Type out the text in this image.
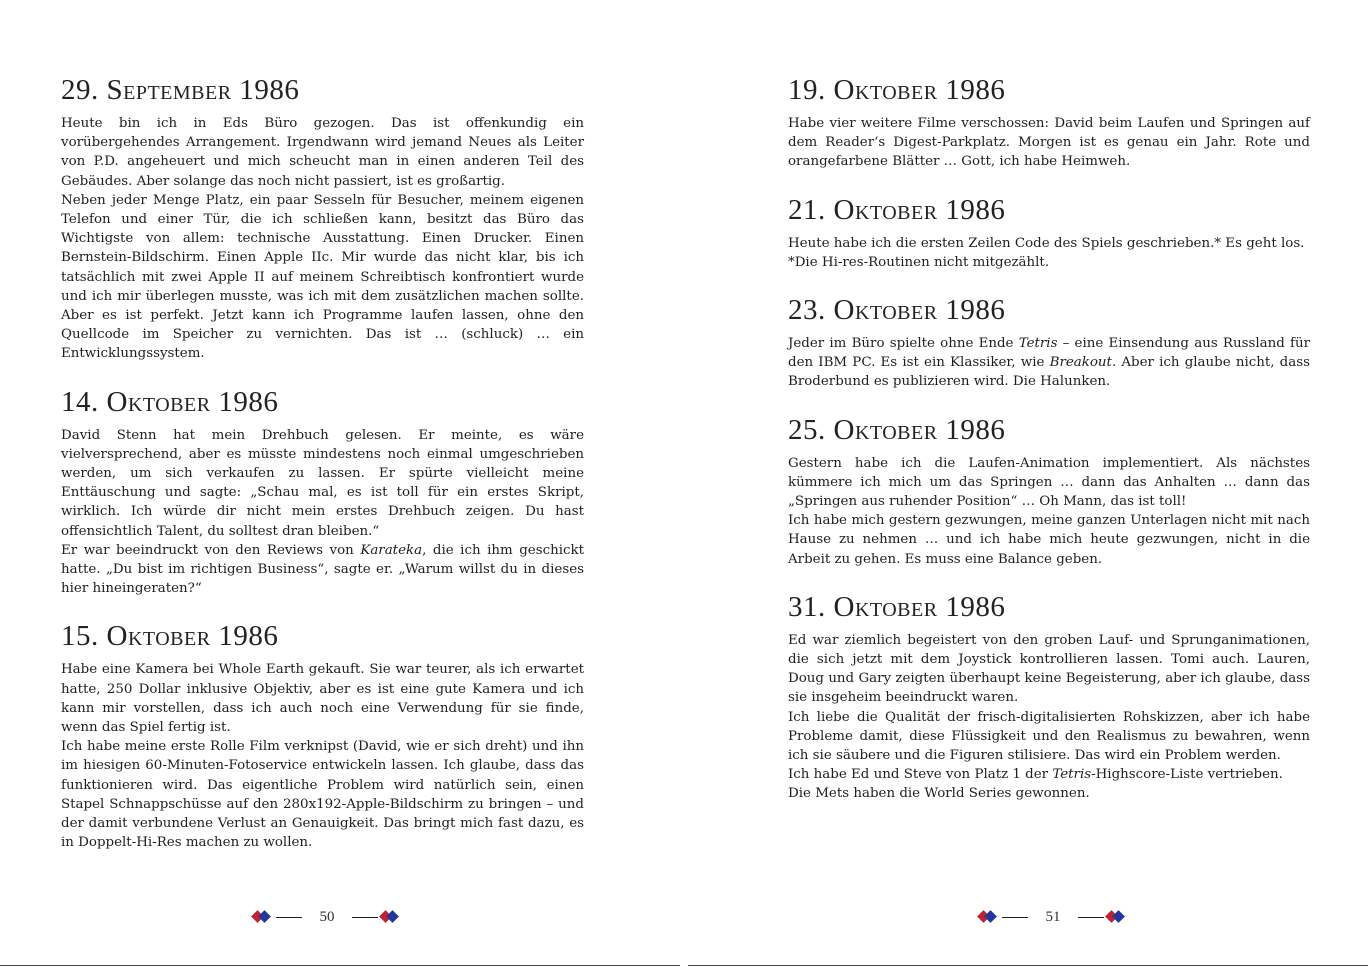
29. September 1986

Heute bin ich in Eds Büro gezogen. Das ist offenkundig ein vorübergehendes Arrangement. Irgendwann wird jemand Neues als Leiter von P.D. angeheuert und mich scheucht man in einen anderen Teil des Gebäudes. Aber solange das noch nicht passiert, ist es großartig.

Neben jeder Menge Platz, ein paar Sesseln für Besucher, meinem eigenen Telefon und einer Tür, die ich schließen kann, besitzt das Büro das Wichtigste von allem: technische Ausstattung. Einen Drucker. Einen Bernstein-Bildschirm. Einen Apple IIc. Mir wurde das nicht klar, bis ich tatsächlich mit zwei Apple II auf meinem Schreibtisch konfrontiert wurde und ich mir überlegen musste, was ich mit dem zusätzlichen machen sollte. Aber es ist perfekt. Jetzt kann ich Programme laufen lassen, ohne den Quellcode im Speicher zu vernichten. Das ist … (schluck) … ein Entwicklungssystem.

14. Oktober 1986

David Stenn hat mein Drehbuch gelesen. Er meinte, es wäre vielversprechend, aber es müsste mindestens noch einmal umgeschrieben werden, um sich verkaufen zu lassen. Er spürte vielleicht meine Enttäuschung und sagte: „Schau mal, es ist toll für ein erstes Skript, wirklich. Ich würde dir nicht mein erstes Drehbuch zeigen. Du hast offensichtlich Talent, du solltest dran bleiben.“

Er war beeindruckt von den Reviews von Karateka, die ich ihm geschickt hatte. „Du bist im richtigen Business“, sagte er. „Warum willst du in dieses hier hineingeraten?“

15. Oktober 1986

Habe eine Kamera bei Whole Earth gekauft. Sie war teurer, als ich erwartet hatte, 250 Dollar inklusive Objektiv, aber es ist eine gute Kamera und ich kann mir vorstellen, dass ich auch noch eine Verwendung für sie finde, wenn das Spiel fertig ist.

Ich habe meine erste Rolle Film verknipst (David, wie er sich dreht) und ihn im hiesigen 60-Minuten-Fotoservice entwickeln lassen. Ich glaube, dass das funktionieren wird. Das eigentliche Problem wird natürlich sein, einen Stapel Schnappschüsse auf den 280x192-Apple-Bildschirm zu bringen – und der damit verbundene Verlust an Genauigkeit. Das bringt mich fast dazu, es in Doppelt-Hi-Res machen zu wollen.

50
19. Oktober 1986

Habe vier weitere Filme verschossen: David beim Laufen und Springen auf dem Reader‘s Digest-Parkplatz. Morgen ist es genau ein Jahr. Rote und orangefarbene Blätter … Gott, ich habe Heimweh.

21. Oktober 1986

Heute habe ich die ersten Zeilen Code des Spiels geschrieben.* Es geht los.

*Die Hi-res-Routinen nicht mitgezählt.

23. Oktober 1986

Jeder im Büro spielte ohne Ende Tetris – eine Einsendung aus Russland für den IBM PC. Es ist ein Klassiker, wie Breakout. Aber ich glaube nicht, dass Broderbund es publizieren wird. Die Halunken.

25. Oktober 1986

Gestern habe ich die Laufen-Animation implementiert. Als nächstes kümmere ich mich um das Springen … dann das Anhalten … dann das „Springen aus ruhender Position“ … Oh Mann, das ist toll!

Ich habe mich gestern gezwungen, meine ganzen Unterlagen nicht mit nach Hause zu nehmen … und ich habe mich heute gezwungen, nicht in die Arbeit zu gehen. Es muss eine Balance geben.

31. Oktober 1986

Ed war ziemlich begeistert von den groben Lauf- und Sprunganimationen, die sich jetzt mit dem Joystick kontrollieren lassen. Tomi auch. Lauren, Doug und Gary zeigten überhaupt keine Begeisterung, aber ich glaube, dass sie insgeheim beeindruckt waren.

Ich liebe die Qualität der frisch-digitalisierten Rohskizzen, aber ich habe Probleme damit, diese Flüssigkeit und den Realismus zu bewahren, wenn ich sie säubere und die Figuren stilisiere. Das wird ein Problem werden.

Ich habe Ed und Steve von Platz 1 der Tetris-Highscore-Liste vertrieben.

Die Mets haben die World Series gewonnen.

51
